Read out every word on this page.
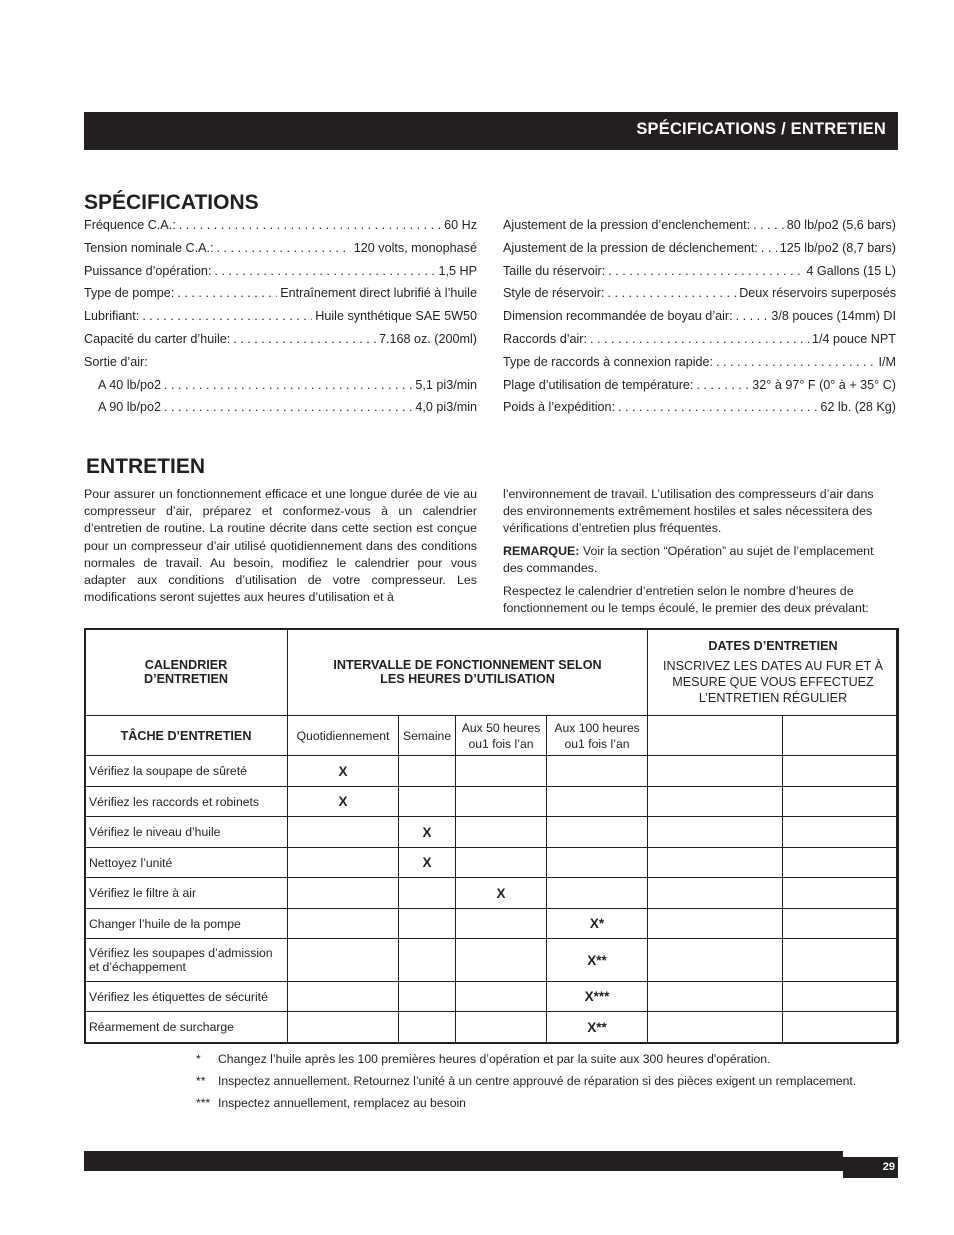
SPÉCIFICATIONS / ENTRETIEN
SPÉCIFICATIONS
Fréquence C.A.: . . .	60 Hz
Tension nominale C.A.: . . .	120 volts, monophasé
Puissance d’opération: . . .	1,5 HP
Type de pompe: . . .	Entraînement direct lubrifié à l’huile
Lubrifiant: . . .	Huile synthétique SAE 5W50
Capacité du carter d’huile: . . .	7.168 oz. (200ml)
Sortie d’air:
A 40 lb/po2 . . .	5,1 pi3/min
A 90 lb/po2 . . .	4,0 pi3/min
Ajustement de la pression d’enclenchement: . . .	80 lb/po2 (5,6 bars)
Ajustement de la pression de déclenchement: . . . 125 lb/po2 (8,7 bars)
Taille du réservoir: . . .	4 Gallons (15 L)
Style de réservoir: . . .	Deux réservoirs superposés
Dimension recommandée de boyau d’air: . . .	3/8 pouces (14mm) DI
Raccords d’air: . . .	1/4 pouce NPT
Type de raccords à connexion rapide: . . .	I/M
Plage d’utilisation de température: . . .	32° à 97° F (0° à + 35° C)
Poids à l’expédition: . . .	62 lb. (28 Kg)
ENTRETIEN

Pour assurer un fonctionnement efficace et une longue durée de vie au compresseur d’air, préparez et conformez-vous à un calendrier d’entretien de routine. La routine décrite dans cette section est conçue pour un compresseur d’air utilisé quotidiennement dans des conditions normales de travail. Au besoin, modifiez le calendrier pour vous adapter aux conditions d’utilisation de votre compresseur. Les modifications seront sujettes aux heures d’utilisation et à

l’environnement de travail. L’utilisation des compresseurs d’air dans des environnements extrêmement hostiles et sales nécessitera des vérifications d’entretien plus fréquentes.

REMARQUE: Voir la section “Opération” au sujet de l’emplacement des commandes.

Respectez le calendrier d’entretien selon le nombre d’heures de fonctionnement ou le temps écoulé, le premier des deux prévalant:

CALENDRIER D’ENTRETIEN	INTERVALLE DE FONCTIONNEMENT SELON LES HEURES D’UTILISATION				DATES D’ENTRETIEN
INSCRIVEZ LES DATES AU FUR ET À MESURE QUE VOUS EFFECTUEZ L’ENTRETIEN RÉGULIER	
TÂCHE D’ENTRETIEN	Quotidiennement	Semaine	Aux 50 heures ou1 fois l’an	Aux 100 heures ou1 fois l’an		
Vérifiez la soupape de sûreté	X					
Vérifiez les raccords et robinets	X					
Vérifiez le niveau d’huile		X				
Nettoyez l’unité		X				
Vérifiez le filtre à air			X			
Changer l’huile de la pompe				X*		
Vérifiez les soupapes d’admission et d’échappement				X**		
Vérifiez les étiquettes de sécurité				X***		
Réarmement de surcharge				X**		
*	Changez l’huile après les 100 premières heures d’opération et par la suite aux 300 heures d'opération.
**	Inspectez annuellement. Retournez l’unité à un centre approuvé de réparation si des pièces exigent un remplacement.
*** Inspectez annuellement, remplacez au besoin
29
